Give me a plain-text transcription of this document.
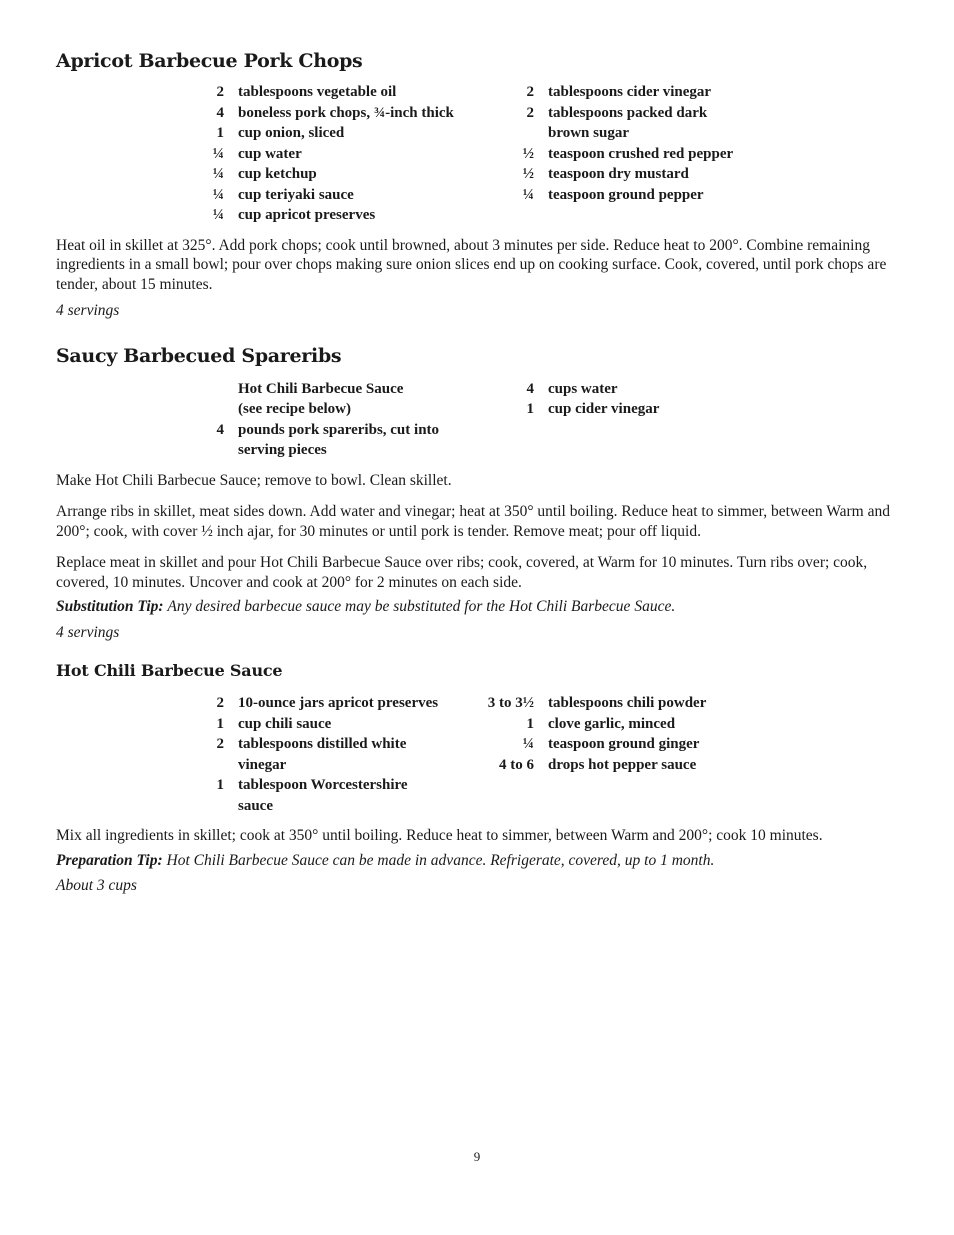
Apricot Barbecue Pork Chops
2 tablespoons vegetable oil
4 boneless pork chops, ¾-inch thick
1 cup onion, sliced
¼ cup water
¼ cup ketchup
¼ cup teriyaki sauce
¼ cup apricot preserves
2 tablespoons cider vinegar
2 tablespoons packed dark brown sugar
½ teaspoon crushed red pepper
½ teaspoon dry mustard
¼ teaspoon ground pepper

Heat oil in skillet at 325°. Add pork chops; cook until browned, about 3 minutes per side. Reduce heat to 200°. Combine remaining ingredients in a small bowl; pour over chops making sure onion slices end up on cooking surface. Cook, covered, until pork chops are tender, about 15 minutes.

4 servings

Saucy Barbecued Spareribs
Hot Chili Barbecue Sauce (see recipe below)
4 pounds pork spareribs, cut into serving pieces
4 cups water
1 cup cider vinegar

Make Hot Chili Barbecue Sauce; remove to bowl. Clean skillet.

Arrange ribs in skillet, meat sides down. Add water and vinegar; heat at 350° until boiling. Reduce heat to simmer, between Warm and 200°; cook, with cover ½ inch ajar, for 30 minutes or until pork is tender. Remove meat; pour off liquid.

Replace meat in skillet and pour Hot Chili Barbecue Sauce over ribs; cook, covered, at Warm for 10 minutes. Turn ribs over; cook, covered, 10 minutes. Uncover and cook at 200° for 2 minutes on each side.

Substitution Tip: Any desired barbecue sauce may be substituted for the Hot Chili Barbecue Sauce.

4 servings

Hot Chili Barbecue Sauce
2 10-ounce jars apricot preserves
1 cup chili sauce
2 tablespoons distilled white vinegar
1 tablespoon Worcestershire sauce
3 to 3½ tablespoons chili powder
1 clove garlic, minced
¼ teaspoon ground ginger
4 to 6 drops hot pepper sauce

Mix all ingredients in skillet; cook at 350° until boiling. Reduce heat to simmer, between Warm and 200°; cook 10 minutes.

Preparation Tip: Hot Chili Barbecue Sauce can be made in advance. Refrigerate, covered, up to 1 month.

About 3 cups

9
